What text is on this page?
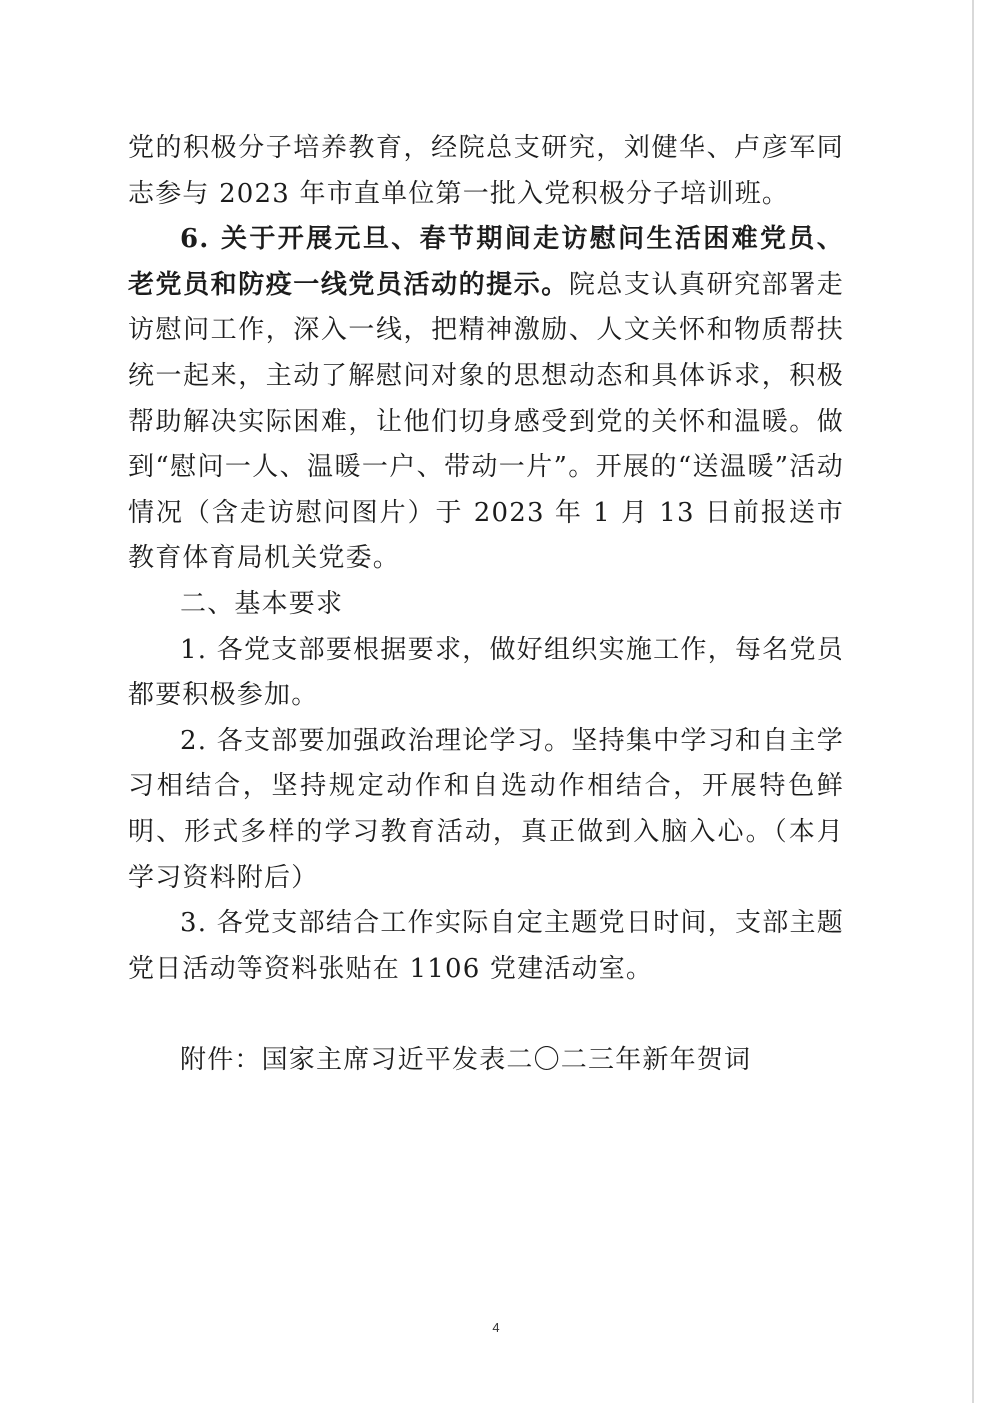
党的积极分子培养教育，经院总支研究，刘健华、卢彦军同志参与 2023 年市直单位第一批入党积极分子培训班。

6. 关于开展元旦、春节期间走访慰问生活困难党员、老党员和防疫一线党员活动的提示。院总支认真研究部署走访慰问工作，深入一线，把精神激励、人文关怀和物质帮扶统一起来，主动了解慰问对象的思想动态和具体诉求，积极帮助解决实际困难，让他们切身感受到党的关怀和温暖。做到“慰问一人、温暖一户、带动一片”。开展的“送温暖”活动情况（含走访慰问图片）于 2023 年 1 月 13 日前报送市教育体育局机关党委。

二、基本要求

1. 各党支部要根据要求，做好组织实施工作，每名党员都要积极参加。

2. 各支部要加强政治理论学习。坚持集中学习和自主学习相结合，坚持规定动作和自选动作相结合，开展特色鲜明、形式多样的学习教育活动，真正做到入脑入心。（本月学习资料附后）

3. 各党支部结合工作实际自定主题党日时间，支部主题党日活动等资料张贴在 1106 党建活动室。

附件：国家主席习近平发表二〇二三年新年贺词

4
